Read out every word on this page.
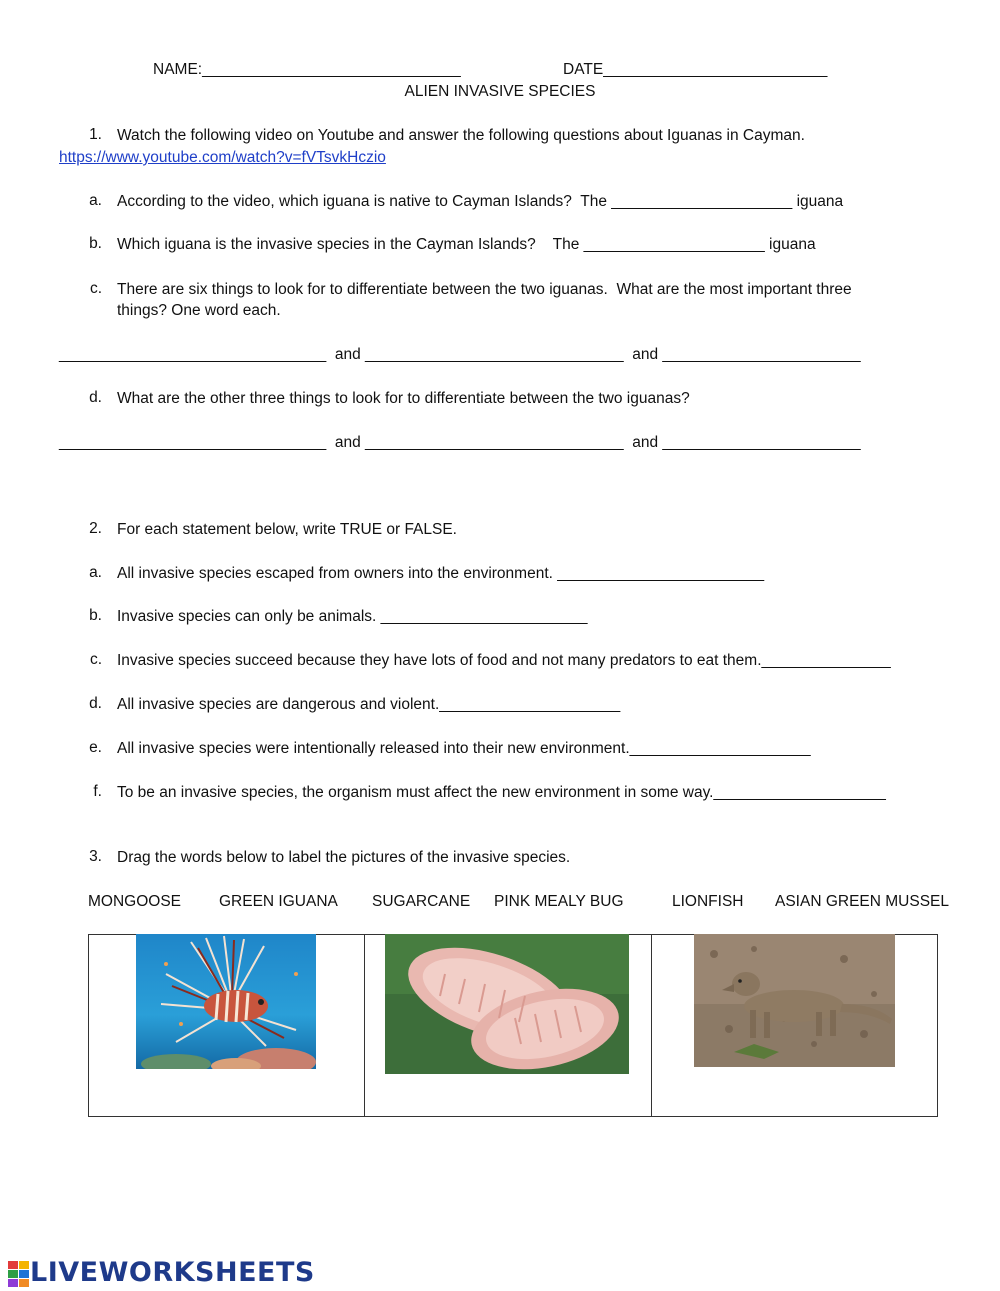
NAME:______________________________	DATE__________________________
ALIEN INVASIVE SPECIES
1. Watch the following video on Youtube and answer the following questions about Iguanas in Cayman.
https://www.youtube.com/watch?v=fVTsvkHczio
a. According to the video, which iguana is native to Cayman Islands?  The _____________________ iguana
b. Which iguana is the invasive species in the Cayman Islands?    The _____________________ iguana
c. There are six things to look for to differentiate between the two iguanas.  What are the most important three
things? One word each.
_______________________________  and ______________________________  and _______________________
d. What are the other three things to look for to differentiate between the two iguanas?
_______________________________  and ______________________________  and _______________________
2. For each statement below, write TRUE or FALSE.
a. All invasive species escaped from owners into the environment. ________________________
b. Invasive species can only be animals. ________________________
c. Invasive species succeed because they have lots of food and not many predators to eat them._______________
d. All invasive species are dangerous and violent._____________________
e. All invasive species were intentionally released into their new environment._____________________
f. To be an invasive species, the organism must affect the new environment in some way.____________________
3. Drag the words below to label the pictures of the invasive species.
MONGOOSE GREEN IGUANA SUGARCANE PINK MEALY BUG	LIONFISH ASIAN GREEN MUSSEL
LIVEWORKSHEETS
